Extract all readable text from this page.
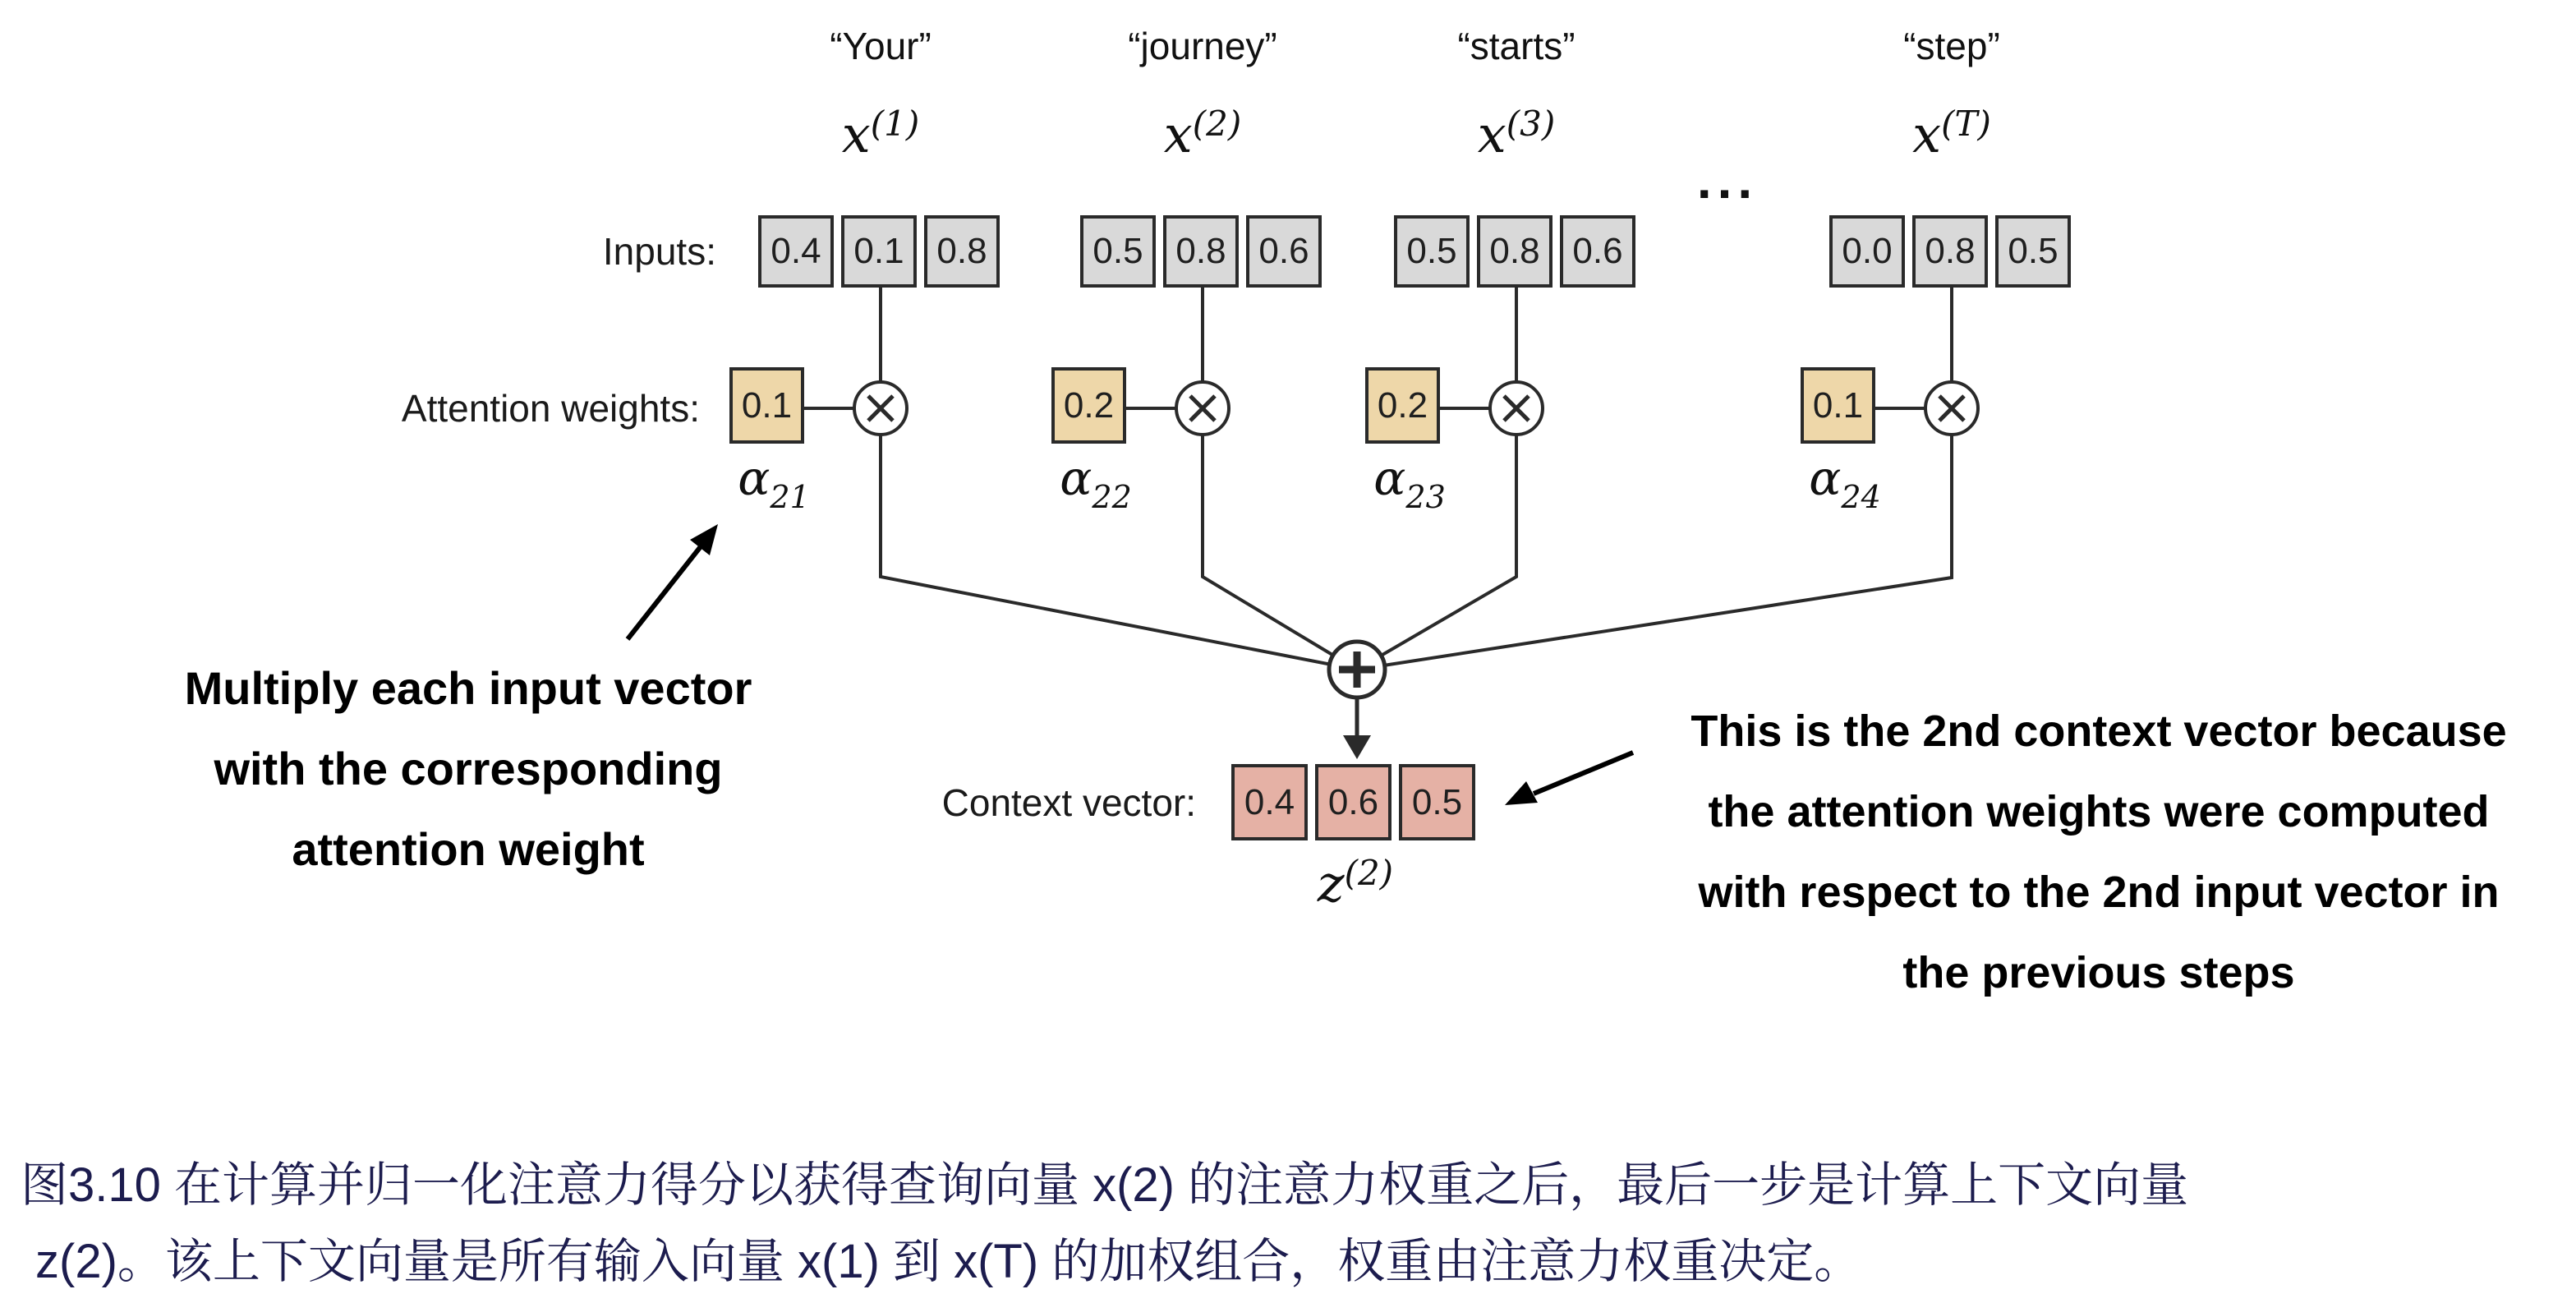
“Your”	“journey”	“starts”	“step”
$x^{(1)}$	$x^{(2)}$	$x^{(3)}$	$x^{(T)}$
...
Inputs:
Attention weights:
Context vector:
0.4 0.1 0.8	0.5 0.8 0.6	0.5 0.8 0.6	0.0 0.8 0.5
0.1	0.2	0.2	0.1
$\alpha_{21}$	$\alpha_{22}$	$\alpha_{23}$	$\alpha_{24}$
0.4 0.6 0.5
$z^{(2)}$
Multiply each input vector
with the corresponding
attention weight
This is the 2nd context vector because
the attention weights were computed
with respect to the 2nd input vector in
the previous steps
图3.10 在计算并归一化注意力得分以获得查询向量 x(2) 的注意力权重之后，最后一步是计算上下文向量
z(2)。该上下文向量是所有输入向量 x(1) 到 x(T) 的加权组合，权重由注意力权重决定。
